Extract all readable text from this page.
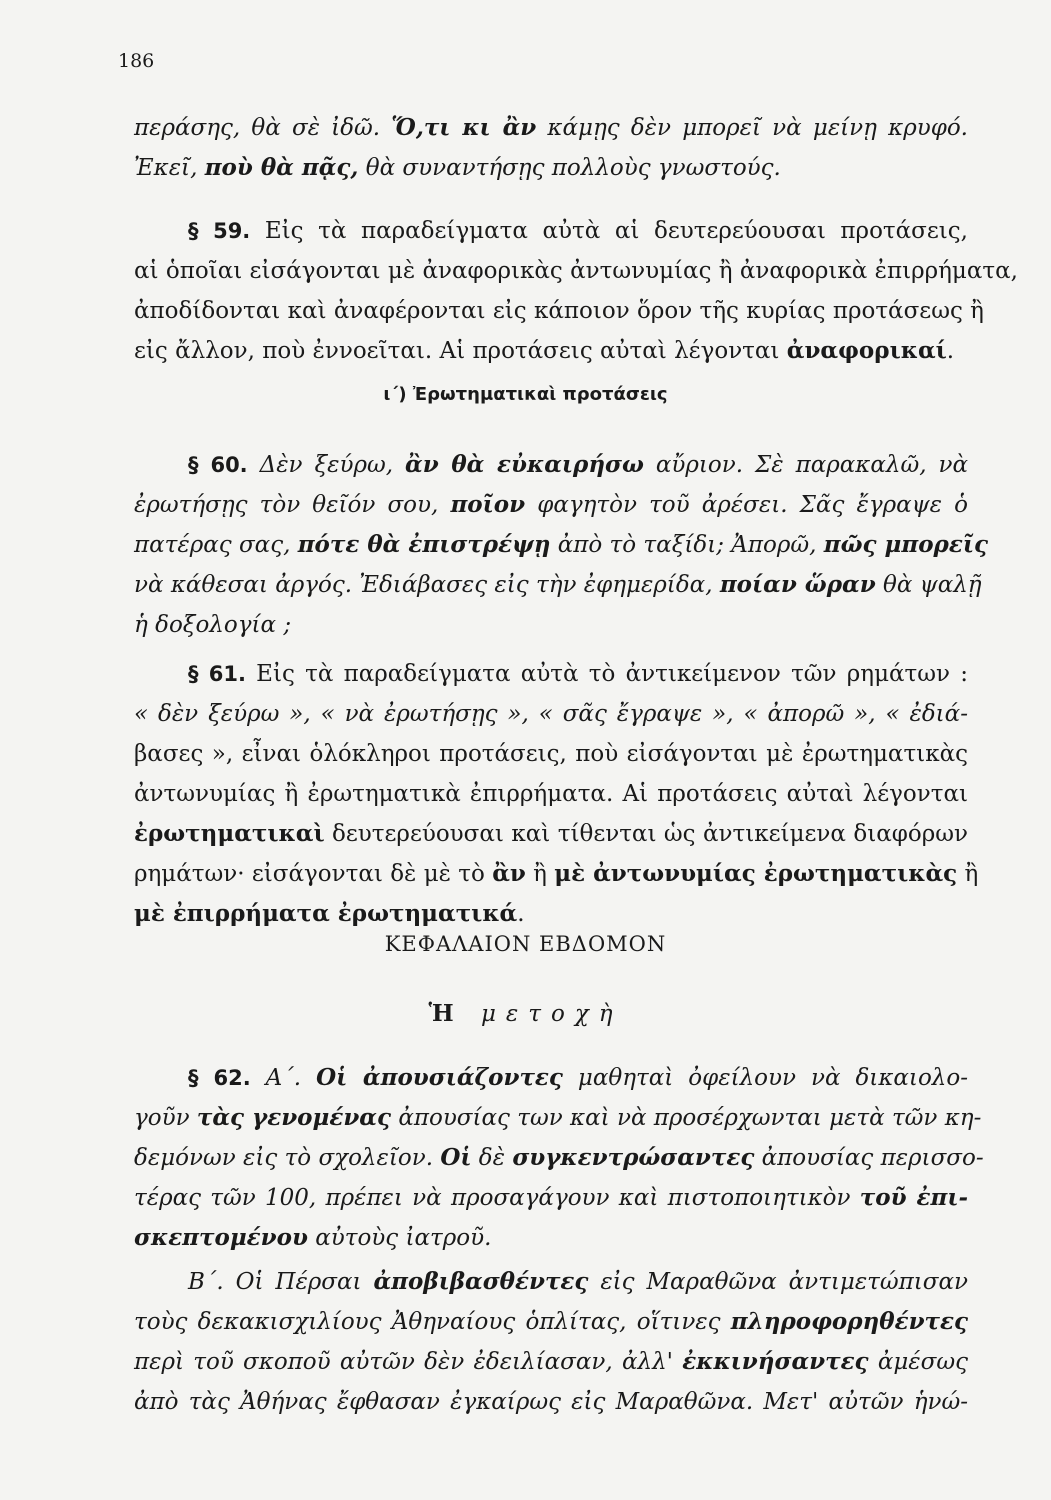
186
περάσης, θὰ σὲ ἰδῶ. Ὅ,τι κι ἂν κάμῃς δὲν μπορεῖ νὰ μείνῃ κρυφό.
Ἐκεῖ, ποὺ θὰ πᾷς, θὰ συναντήσῃς πολλοὺς γνωστούς.
§ 59. Εἰς τὰ παραδείγματα αὐτὰ αἱ δευτερεύουσαι προτάσεις,
αἱ ὁποῖαι εἰσάγονται μὲ ἀναφορικὰς ἀντωνυμίας ἢ ἀναφορικὰ ἐπιρρήματα,
ἀποδίδονται καὶ ἀναφέρονται εἰς κάποιον ὅρον τῆς κυρίας προτάσεως ἢ
εἰς ἄλλον, ποὺ ἐννοεῖται. Αἱ προτάσεις αὐταὶ λέγονται ἀναφορικαί.
ι΄) Ἐρωτηματικαὶ προτάσεις
§ 60. Δὲν ξεύρω, ἂν θὰ εὐκαιρήσω αὔριον. Σὲ παρακαλῶ, νὰ
ἐρωτήσῃς τὸν θεῖόν σου, ποῖον φαγητὸν τοῦ ἀρέσει. Σᾶς ἔγραψε ὁ
πατέρας σας, πότε θὰ ἐπιστρέψῃ ἀπὸ τὸ ταξίδι; Ἀπορῶ, πῶς μπορεῖς
νὰ κάθεσαι ἀργός. Ἐδιάβασες εἰς τὴν ἐφημερίδα, ποίαν ὥραν θὰ ψαλῇ
ἡ δοξολογία ;
§ 61. Εἰς τὰ παραδείγματα αὐτὰ τὸ ἀντικείμενον τῶν ρημάτων :
« δὲν ξεύρω », « νὰ ἐρωτήσῃς », « σᾶς ἔγραψε », « ἀπορῶ », « ἐδιά-
βασες », εἶναι ὁλόκληροι προτάσεις, ποὺ εἰσάγονται μὲ ἐρωτηματικὰς
ἀντωνυμίας ἢ ἐρωτηματικὰ ἐπιρρήματα. Αἱ προτάσεις αὐταὶ λέγονται
ἐρωτηματικαὶ δευτερεύουσαι καὶ τίθενται ὡς ἀντικείμενα διαφόρων
ρημάτων· εἰσάγονται δὲ μὲ τὸ ἂν ἢ μὲ ἀντωνυμίας ἐρωτηματικὰς ἢ
μὲ ἐπιρρήματα ἐρωτηματικά.
ΚΕΦΑΛΑΙΟΝ ΕΒΔΟΜΟΝ
Ἡ μετοχὴ
§ 62. Α΄. Οἱ ἀπουσιάζοντες μαθηταὶ ὀφείλουν νὰ δικαιολο-
γοῦν τὰς γενομένας ἀπουσίας των καὶ νὰ προσέρχωνται μετὰ τῶν κη-
δεμόνων εἰς τὸ σχολεῖον. Οἱ δὲ συγκεντρώσαντες ἀπουσίας περισσο-
τέρας τῶν 100, πρέπει νὰ προσαγάγουν καὶ πιστοποιητικὸν τοῦ ἐπι-
σκεπτομένου αὐτοὺς ἰατροῦ.
Β΄. Οἱ Πέρσαι ἀποβιβασθέντες εἰς Μαραθῶνα ἀντιμετώπισαν
τοὺς δεκακισχιλίους Ἀθηναίους ὁπλίτας, οἵτινες πληροφορηθέντες
περὶ τοῦ σκοποῦ αὐτῶν δὲν ἐδειλίασαν, ἀλλ' ἐκκινήσαντες ἀμέσως
ἀπὸ τὰς Ἀθήνας ἔφθασαν ἐγκαίρως εἰς Μαραθῶνα. Μετ' αὐτῶν ἡνώ-
